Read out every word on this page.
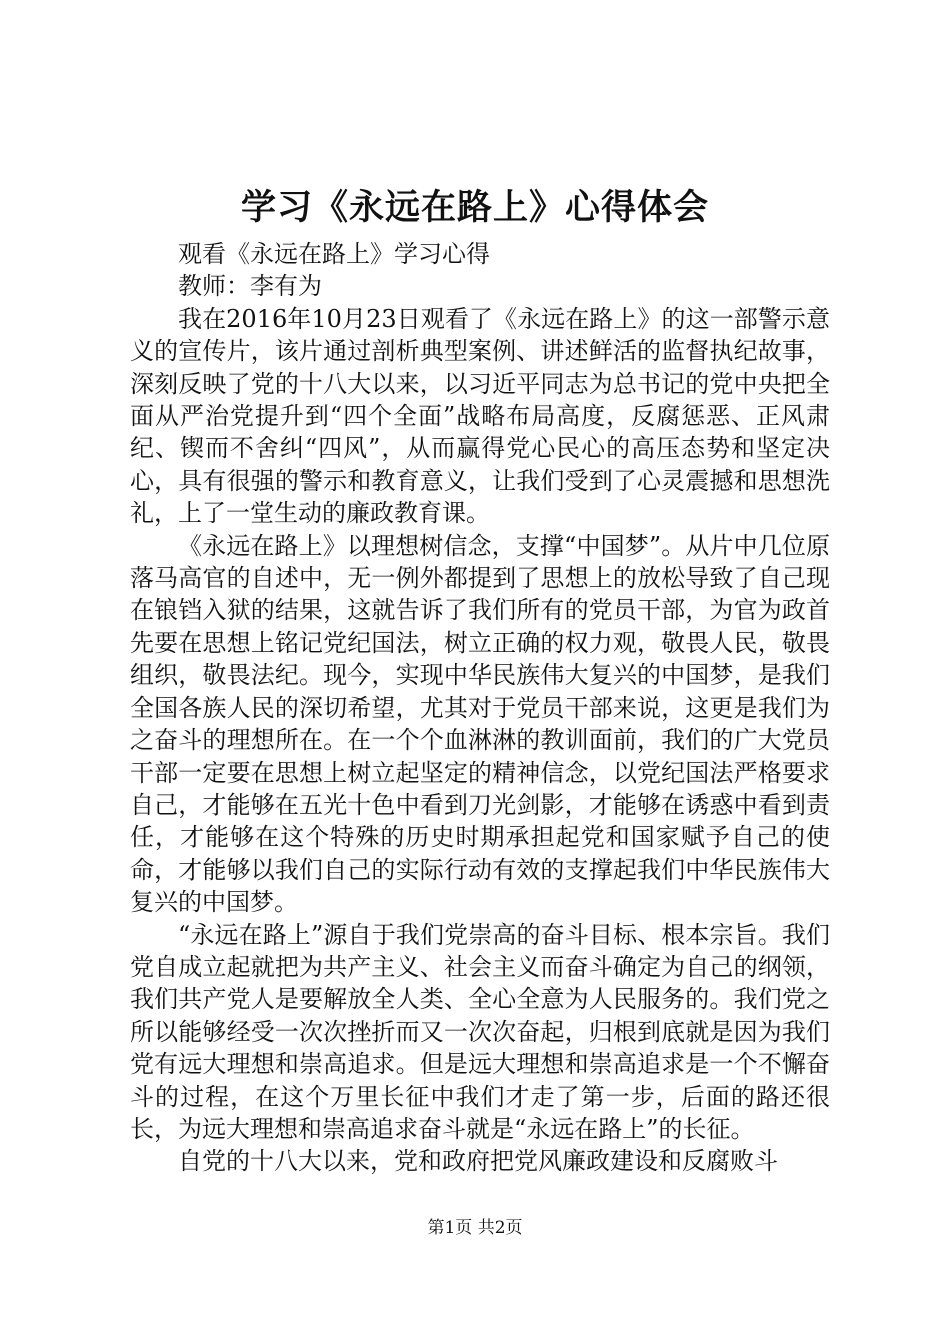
学习《永远在路上》心得体会

观看《永远在路上》学习心得

教师：李有为

我在2016年10月23日观看了《永远在路上》的这一部警示意义的宣传片，该片通过剖析典型案例、讲述鲜活的监督执纪故事，深刻反映了党的十八大以来，以习近平同志为总书记的党中央把全面从严治党提升到“四个全面”战略布局高度，反腐惩恶、正风肃纪、锲而不舍纠“四风”，从而赢得党心民心的高压态势和坚定决心，具有很强的警示和教育意义，让我们受到了心灵震撼和思想洗礼，上了一堂生动的廉政教育课。

《永远在路上》以理想树信念，支撑“中国梦”。从片中几位原落马高官的自述中，无一例外都提到了思想上的放松导致了自己现在锒铛入狱的结果，这就告诉了我们所有的党员干部，为官为政首先要在思想上铭记党纪国法，树立正确的权力观，敬畏人民，敬畏组织，敬畏法纪。现今，实现中华民族伟大复兴的中国梦，是我们全国各族人民的深切希望，尤其对于党员干部来说，这更是我们为之奋斗的理想所在。在一个个血淋淋的教训面前，我们的广大党员干部一定要在思想上树立起坚定的精神信念，以党纪国法严格要求自己，才能够在五光十色中看到刀光剑影，才能够在诱惑中看到责任，才能够在这个特殊的历史时期承担起党和国家赋予自己的使命，才能够以我们自己的实际行动有效的支撑起我们中华民族伟大复兴的中国梦。

“永远在路上”源自于我们党崇高的奋斗目标、根本宗旨。我们党自成立起就把为共产主义、社会主义而奋斗确定为自己的纲领，我们共产党人是要解放全人类、全心全意为人民服务的。我们党之所以能够经受一次次挫折而又一次次奋起，归根到底就是因为我们党有远大理想和崇高追求。但是远大理想和崇高追求是一个不懈奋斗的过程，在这个万里长征中我们才走了第一步，后面的路还很长，为远大理想和崇高追求奋斗就是“永远在路上”的长征。

自党的十八大以来，党和政府把党风廉政建设和反腐败斗

第1页 共2页
